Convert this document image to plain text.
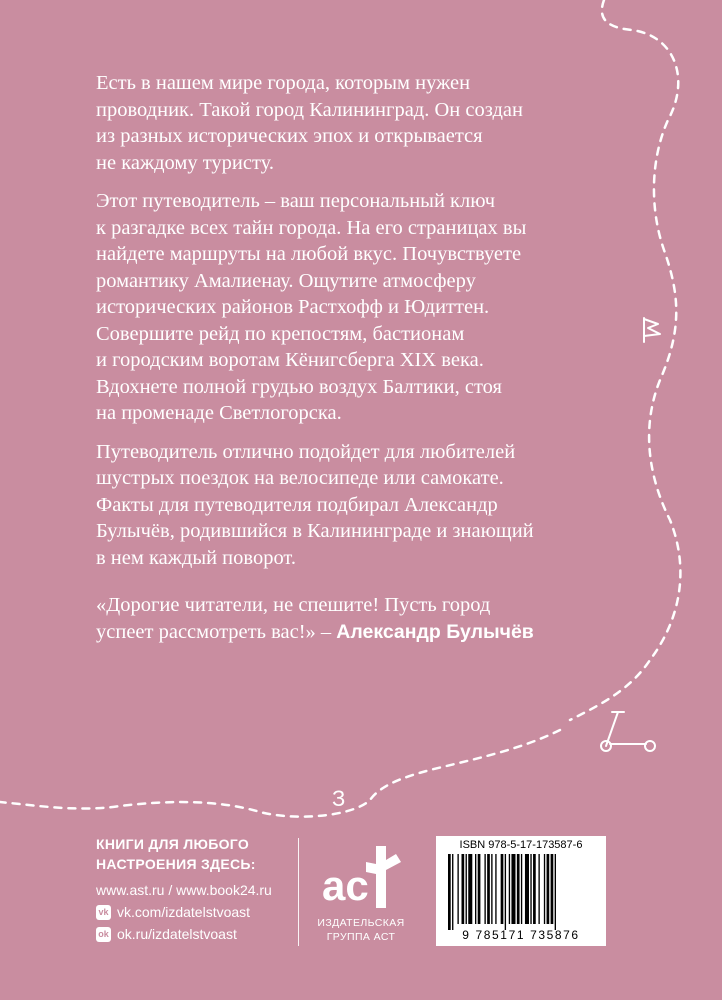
З

Есть в нашем мире города, которым нужен
проводник. Такой город Калининград. Он создан
из разных исторических эпох и открывается
не каждому туристу.

Этот путеводитель – ваш персональный ключ
к разгадке всех тайн города. На его страницах вы
найдете маршруты на любой вкус. Почувствуете
романтику Амалиенау. Ощутите атмосферу
исторических районов Растхофф и Юдиттен.
Совершите рейд по крепостям, бастионам
и городским воротам Кёнигсберга XIX века.
Вдохнете полной грудью воздух Балтики, стоя
на променаде Светлогорска.

Путеводитель отлично подойдет для любителей
шустрых поездок на велосипеде или самокате.
Факты для путеводителя подбирал Александр
Булычёв, родившийся в Калининграде и знающий
в нем каждый поворот.

«Дорогие читатели, не спешите! Пусть город
успеет рассмотреть вас!» – Александр Булычёв
КНИГИ ДЛЯ ЛЮБОГО
НАСТРОЕНИЯ ЗДЕСЬ:
www.ast.ru / www.book24.ru
vk vk.com/izdatelstvoast
ok ok.ru/izdatelstvoast
ас
ИЗДАТЕЛЬСКАЯ
ГРУППА АСТ
ISBN 978-5-17-173587-6
9 785171 735876
